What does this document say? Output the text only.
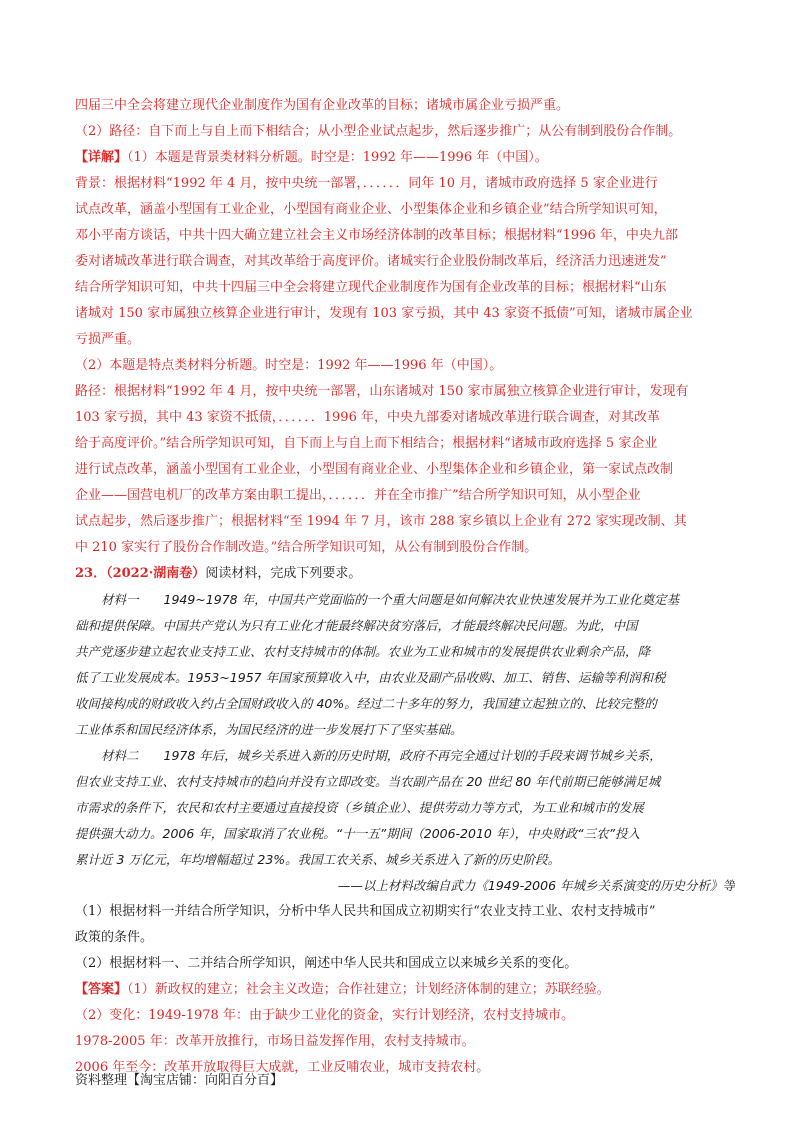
四届三中全会将建立现代企业制度作为国有企业改革的目标；诸城市属企业亏损严重。
（2）路径：自下而上与自上而下相结合；从小型企业试点起步，然后逐步推广；从公有制到股份合作制。
【详解】（1）本题是背景类材料分析题。时空是：1992 年——1996 年（中国）。
背景：根据材料“1992 年 4 月，按中央统一部署，．．．．．．同年 10 月，诸城市政府选择 5 家企业进行
试点改革，涵盖小型国有工业企业，小型国有商业企业、小型集体企业和乡镇企业”结合所学知识可知，
邓小平南方谈话，中共十四大确立建立社会主义市场经济体制的改革目标；根据材料“1996 年，中央九部
委对诸城改革进行联合调查，对其改革给于高度评价。诸城实行企业股份制改革后，经济活力迅速迸发”
结合所学知识可知，中共十四届三中全会将建立现代企业制度作为国有企业改革的目标；根据材料“山东
诸城对 150 家市属独立核算企业进行审计，发现有 103 家亏损，其中 43 家资不抵债”可知，诸城市属企业
亏损严重。
（2）本题是特点类材料分析题。时空是：1992 年——1996 年（中国）。
路径：根据材料“1992 年 4 月，按中央统一部署，山东诸城对 150 家市属独立核算企业进行审计，发现有
103 家亏损，其中 43 家资不抵债，．．．．．．1996 年，中央九部委对诸城改革进行联合调查，对其改革
给于高度评价。”结合所学知识可知，自下而上与自上而下相结合；根据材料“诸城市政府选择 5 家企业
进行试点改革，涵盖小型国有工业企业，小型国有商业企业、小型集体企业和乡镇企业，第一家试点改制
企业——国营电机厂的改革方案由职工提出，．．．．．．并在全市推广”结合所学知识可知，从小型企业
试点起步，然后逐步推广；根据材料“至 1994 年 7 月，该市 288 家乡镇以上企业有 272 家实现改制、其
中 210 家实行了股份合作制改造。”结合所学知识可知，从公有制到股份合作制。
23．（2022·湖南卷）阅读材料，完成下列要求。
材料一　　1949~1978 年，中国共产党面临的一个重大问题是如何解决农业快速发展并为工业化奠定基
础和提供保障。中国共产党认为只有工业化才能最终解决贫穷落后，才能最终解决民问题。为此，中国
共产党逐步建立起农业支持工业、农村支持城市的体制。农业为工业和城市的发展提供农业剩余产品，降
低了工业发展成本。1953~1957 年国家预算收入中，由农业及副产品收购、加工、销售、运输等利润和税
收间接构成的财政收入约占全国财政收入的 40%。经过二十多年的努力，我国建立起独立的、比较完整的
工业体系和国民经济体系，为国民经济的进一步发展打下了坚实基础。
材料二　　1978 年后，城乡关系进入新的历史时期，政府不再完全通过计划的手段来调节城乡关系，
但农业支持工业、农村支持城市的趋向并没有立即改变。当农副产品在 20 世纪 80 年代前期已能够满足城
市需求的条件下，农民和农村主要通过直接投资（乡镇企业）、提供劳动力等方式，为工业和城市的发展
提供强大动力。2006 年，国家取消了农业税。“十一五”期间（2006-2010 年），中央财政“三农”投入
累计近 3 万亿元，年均增幅超过 23%。我国工农关系、城乡关系进入了新的历史阶段。
——以上材料改编自武力《1949-2006 年城乡关系演变的历史分析》等
（1）根据材料一并结合所学知识，分析中华人民共和国成立初期实行“农业支持工业、农村支持城市”
政策的条件。
（2）根据材料一、二并结合所学知识，阐述中华人民共和国成立以来城乡关系的变化。
【答案】（1）新政权的建立；社会主义改造；合作社建立；计划经济体制的建立；苏联经验。
（2）变化：1949-1978 年：由于缺少工业化的资金，实行计划经济，农村支持城市。
1978-2005 年：改革开放推行，市场日益发挥作用，农村支持城市。
2006 年至今：改革开放取得巨大成就，工业反哺农业，城市支持农村。
资料整理【淘宝店铺：向阳百分百】
